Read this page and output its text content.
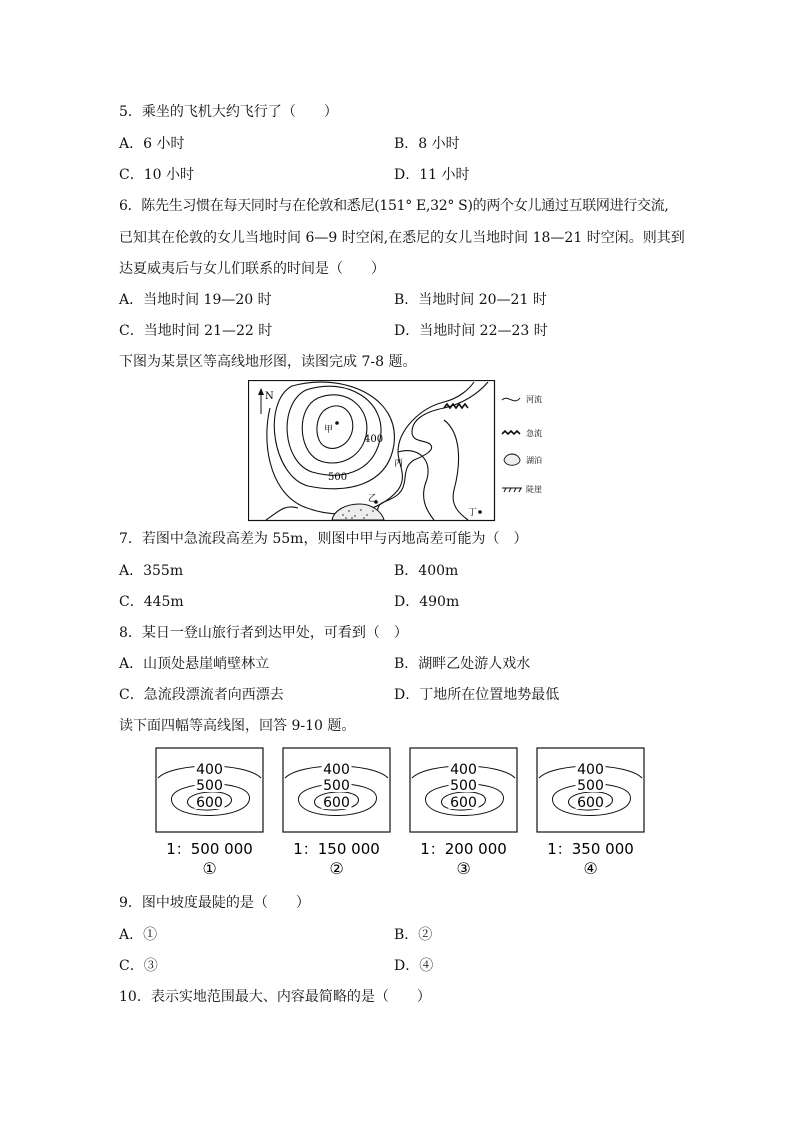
5．乘坐的飞机大约飞行了（　　）
A．6 小时	B．8 小时
C．10 小时	D．11 小时
6．陈先生习惯在每天同时与在伦敦和悉尼(151° E,32° S)的两个女儿通过互联网进行交流,
已知其在伦敦的女儿当地时间 6—9 时空闲,在悉尼的女儿当地时间 18—21 时空闲。则其到
达夏威夷后与女儿们联系的时间是（　　）
A．当地时间 19—20 时	B．当地时间 20—21 时
C．当地时间 21—22 时	D．当地时间 22—23 时
下图为某景区等高线地形图，读图完成 7-8 题。
N
甲
乙
丙
丁
500
400
河流
急流
湖泊
陡崖
7．若图中急流段高差为 55m，则图中甲与丙地高差可能为（　）
A．355m	B．400m
C．445m	D．490m
8．某日一登山旅行者到达甲处，可看到（　）
A．山顶处悬崖峭壁林立	B．湖畔乙处游人戏水
C．急流段漂流者向西漂去	D．丁地所在位置地势最低
读下面四幅等高线图，回答 9-10 题。
400
500
600
1：500 000
①
400
500
600
1：150 000
②
400
500
600
1：200 000
③
400
500
600
1：350 000
④
9．图中坡度最陡的是（　　）
A．①	B．②
C．③	D．④
10．表示实地范围最大、内容最简略的是（　　）
